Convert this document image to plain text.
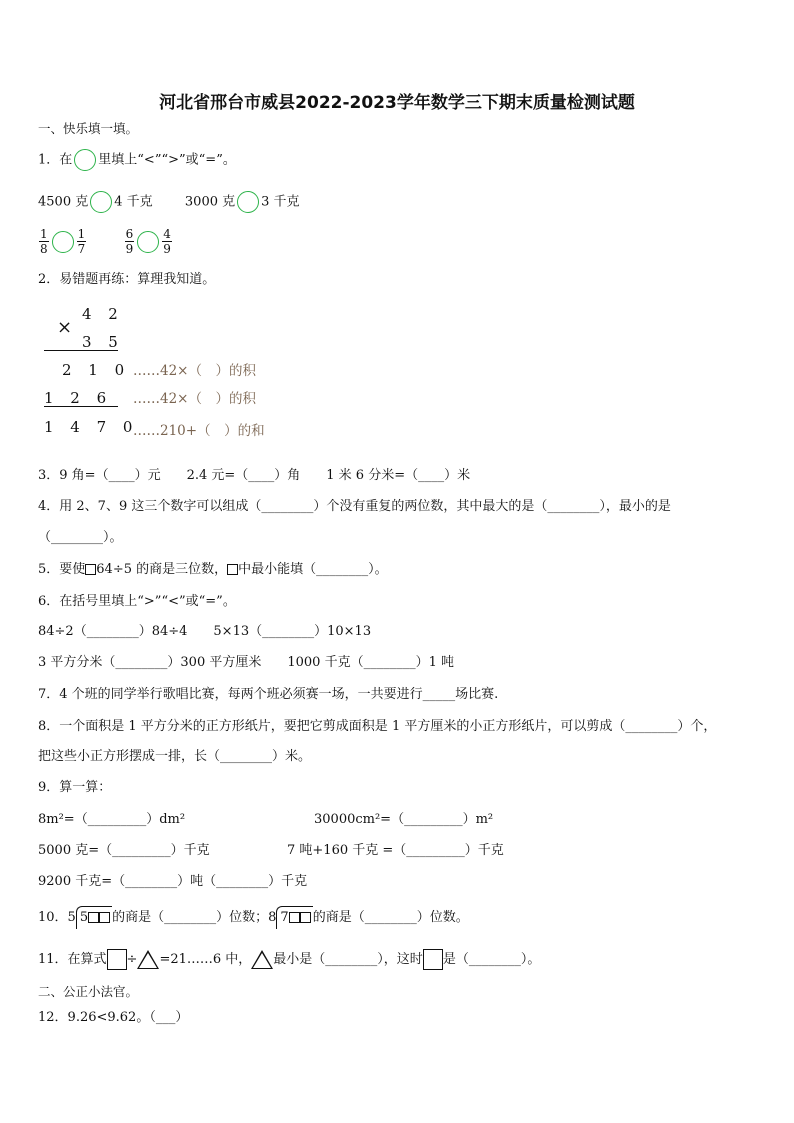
河北省邢台市威县2022-2023学年数学三下期末质量检测试题
一、快乐填一填。
1．在 里填上“<”“>”或“=”。
4500 克 4 千克 3000 克 3 千克
$\frac{1}{8} \frac{1}{7}$
	$\frac{6}{9} \frac{4}{9}$
2．易错题再练：算理我知道。
×
4 2
3 5
2 1 0
1 2 6
1 4 7 0
……42×（　）的积
……42×（　）的积
……210+（　）的和
3．9 角=（____）元　　2.4 元=（____）角　　1 米 6 分米=（____）米
4．用 2、7、9 这三个数字可以组成（________）个没有重复的两位数，其中最大的是（________），最小的是
（________）。
5．要使 64÷5 的商是三位数， 中最小能填（________）。
6．在括号里填上“>”“<”或“=”。
84÷2（________）84÷4　　5×13（________）10×13
3 平方分米（________）300 平方厘米　　1000 千克（________）1 吨
7．4 个班的同学举行歌唱比赛，每两个班必须赛一场，一共要进行_____场比赛.
8．一个面积是 1 平方分米的正方形纸片，要把它剪成面积是 1 平方厘米的小正方形纸片，可以剪成（________）个，
把这些小正方形摆成一排，长（________）米。
9．算一算：
8m²=（_________）dm²	30000cm²=（_________）m²
5000 克=（_________）千克	7 吨+160 千克 =（_________）千克
9200 千克=（________）吨（________）千克
10．5 5 的商是（________）位数；8 7 的商是（________）位数。
11．在算式 ÷ =21……6 中， 最小是（________），这时 是（________）。
二、公正小法官。
12．9.26<9.62。（___）
